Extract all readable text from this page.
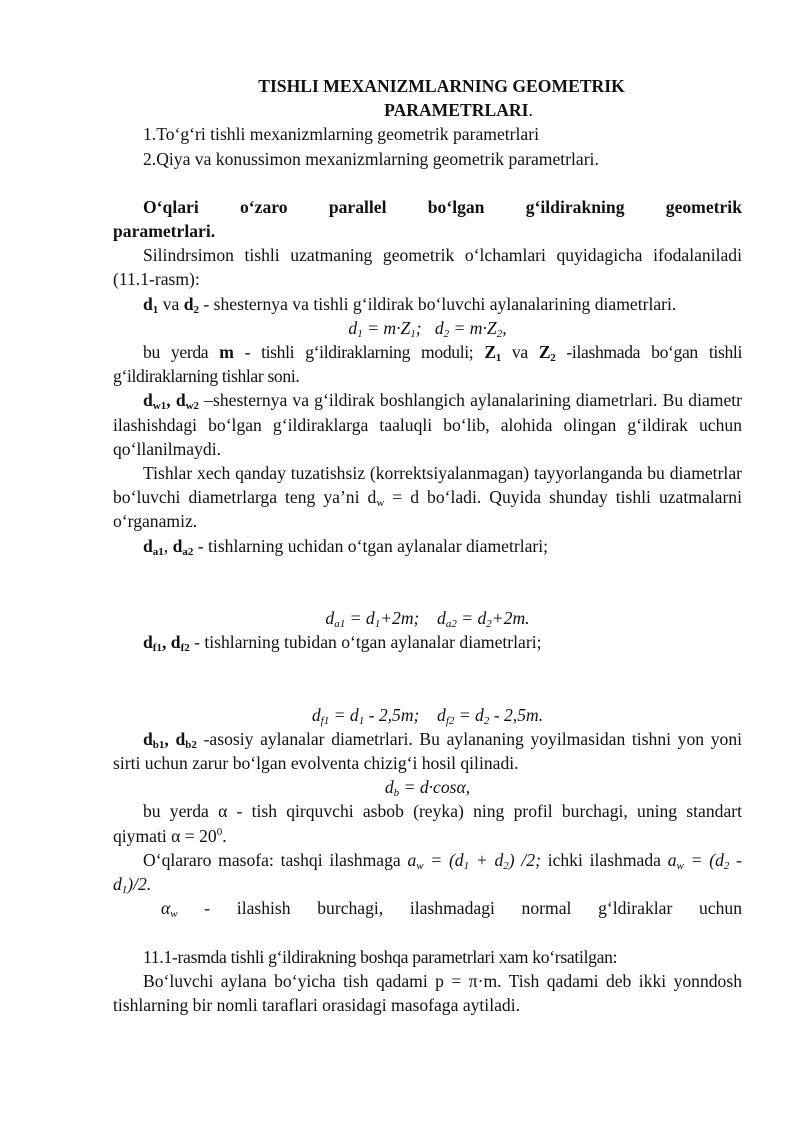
TISHLI MEXANIZMLARNING GEOMETRIK
PARAMETRLARI.

1.To‘g‘ri tishli mexanizmlarning geometrik parametrlari

2.Qiya va konussimon mexanizmlarning geometrik parametrlari.

O‘qlari o‘zaro parallel bo‘lgan g‘ildirakning geometrik parametrlari.

Silindrsimon tishli uzatmaning geometrik o‘lchamlari quyidagicha ifodalaniladi (11.1-rasm):

$d_1$ va $d_2$ - shesternya va tishli g‘ildirak bo‘luvchi aylanalarining diametrlari.

$d_1 = m\cdot Z_1$;   $d_2 = m\cdot Z_2$,

bu yerda m - tishli g‘ildiraklarning moduli; $Z_1$ va $Z_2$ -ilashmada bo‘gan tishli g‘ildiraklarning tishlar soni.

$d_{w1}$, $d_{w2}$ –shesternya va g‘ildirak boshlangich aylanalarining diametrlari. Bu diametr ilashishdagi bo‘lgan g‘ildiraklarga taaluqli bo‘lib, alohida olingan g‘ildirak uchun qo‘llanilmaydi.

Tishlar xech qanday tuzatishsiz (korrektsiyalanmagan) tayyorlanganda bu diametrlar bo‘luvchi diametrlarga teng ya’ni $d_w = d$ bo‘ladi. Quyida shunday tishli uzatmalarni o‘rganamiz.

$d_{a1}$, $d_{a2}$ - tishlarning uchidan o‘tgan aylanalar diametrlari;

$d_{a1} = d_1+2m$;    $d_{a2} = d_2+2m$.

$d_{f1}$, $d_{f2}$ - tishlarning tubidan o‘tgan aylanalar diametrlari;

$d_{f1} = d_1 - 2,5m$;    $d_{f2} = d_2 - 2,5m$.

$d_{b1}$, $d_{b2}$ -asosiy aylanalar diametrlari. Bu aylananing yoyilmasidan tishni yon yoni sirti uchun zarur bo‘lgan evolventa chizig‘i hosil qilinadi.

$d_b = d\cdot\cos\alpha$,

bu yerda α - tish qirquvchi asbob (reyka) ning profil burchagi, uning standart qiymati $\alpha = 20^0$.

O‘qlararo masofa: tashqi ilashmaga $a_w = (d_1 + d_2)$ /2; ichki ilashmada $a_w = (d_2 - d_1)/2$.

$\alpha_w$ - ilashish burchagi, ilashmadagi normal g‘ldiraklar uchun

11.1-rasmda tishli g‘ildirakning boshqa parametrlari xam ko‘rsatilgan:

Bo‘luvchi aylana bo‘yicha tish qadami p = π·m. Tish qadami deb ikki yonndosh tishlarning bir nomli taraflari orasidagi masofaga aytiladi.
